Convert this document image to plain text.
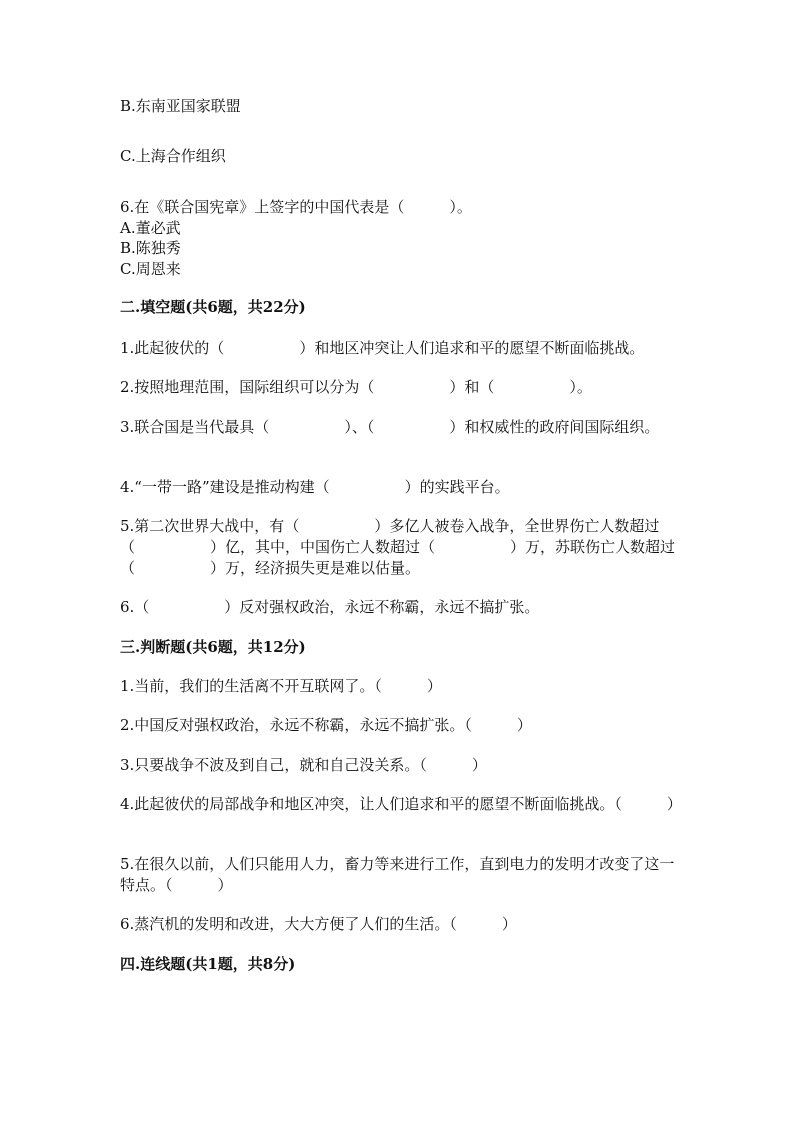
B.东南亚国家联盟
C.上海合作组织
6.在《联合国宪章》上签字的中国代表是（　　　）。
A.董必武
B.陈独秀
C.周恩来
二.填空题(共6题，共22分)
1.此起彼伏的（　　　　　）和地区冲突让人们追求和平的愿望不断面临挑战。
2.按照地理范围，国际组织可以分为（　　　　　）和（　　　　　）。
3.联合国是当代最具（　　　　　）、（　　　　　）和权威性的政府间国际组织。
4.“一带一路”建设是推动构建（　　　　　）的实践平台。
5.第二次世界大战中，有（　　　　　）多亿人被卷入战争，全世界伤亡人数超过（　　　　　）亿，其中，中国伤亡人数超过（　　　　　）万，苏联伤亡人数超过（　　　　　）万，经济损失更是难以估量。
6.（　　　　　）反对强权政治，永远不称霸，永远不搞扩张。
三.判断题(共6题，共12分)
1.当前，我们的生活离不开互联网了。（　　　）
2.中国反对强权政治，永远不称霸，永远不搞扩张。（　　　）
3.只要战争不波及到自己，就和自己没关系。（　　　）
4.此起彼伏的局部战争和地区冲突，让人们追求和平的愿望不断面临挑战。（　　　）
5.在很久以前，人们只能用人力，畜力等来进行工作，直到电力的发明才改变了这一特点。（　　　）
6.蒸汽机的发明和改进，大大方便了人们的生活。（　　　）
四.连线题(共1题，共8分)
